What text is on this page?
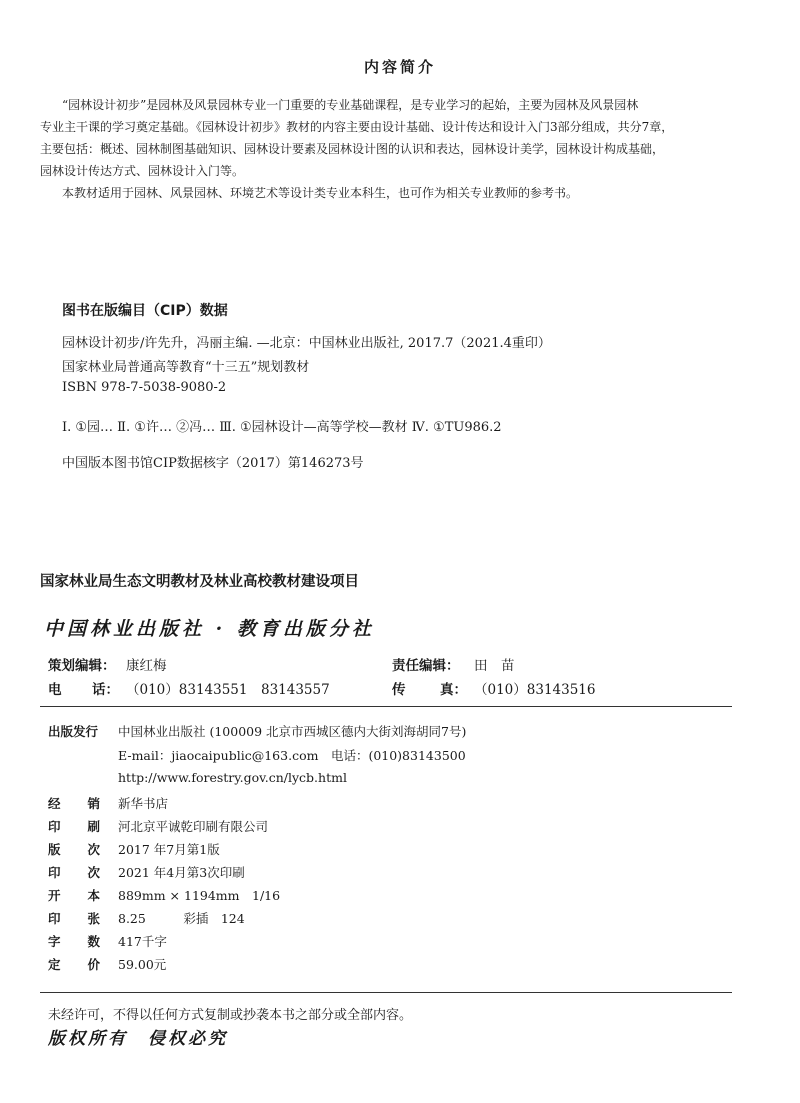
内容简介
“园林设计初步”是园林及风景园林专业一门重要的专业基础课程，是专业学习的起始，主要为园林及风景园林
专业主干课的学习奠定基础。《园林设计初步》教材的内容主要由设计基础、设计传达和设计入门3部分组成，共分7章，
主要包括：概述、园林制图基础知识、园林设计要素及园林设计图的认识和表达，园林设计美学，园林设计构成基础，
园林设计传达方式、园林设计入门等。
本教材适用于园林、风景园林、环境艺术等设计类专业本科生，也可作为相关专业教师的参考书。
图书在版编目（CIP）数据
园林设计初步/许先升，冯丽主编. —北京：中国林业出版社, 2017.7（2021.4重印）
国家林业局普通高等教育“十三五”规划教材
ISBN 978-7-5038-9080-2
Ⅰ. ①园… Ⅱ. ①许… ②冯… Ⅲ. ①园林设计—高等学校—教材 Ⅳ. ①TU986.2
中国版本图书馆CIP数据核字（2017）第146273号
国家林业局生态文明教材及林业高校教材建设项目
中国林业出版社 · 教育出版分社
策划编辑： 康红梅	责任编辑： 田　苗
电 话： （010）83143551　83143557	传	真： （010）83143516
出版发行 中国林业出版社 (100009 北京市西城区德内大街刘海胡同7号)
E-mail：jiaocaipublic@163.com　电话：(010)83143500
http://www.forestry.gov.cn/lycb.html
经 销 新华书店
印 刷 河北京平诚乾印刷有限公司
版 次 2017 年7月第1版
印 次 2021 年4月第3次印刷
开 本 889mm × 1194mm　1/16
印 张 8.25　　　彩插　124
字 数 417千字
定 价 59.00元
未经许可，不得以任何方式复制或抄袭本书之部分或全部内容。
版权所有　侵权必究
